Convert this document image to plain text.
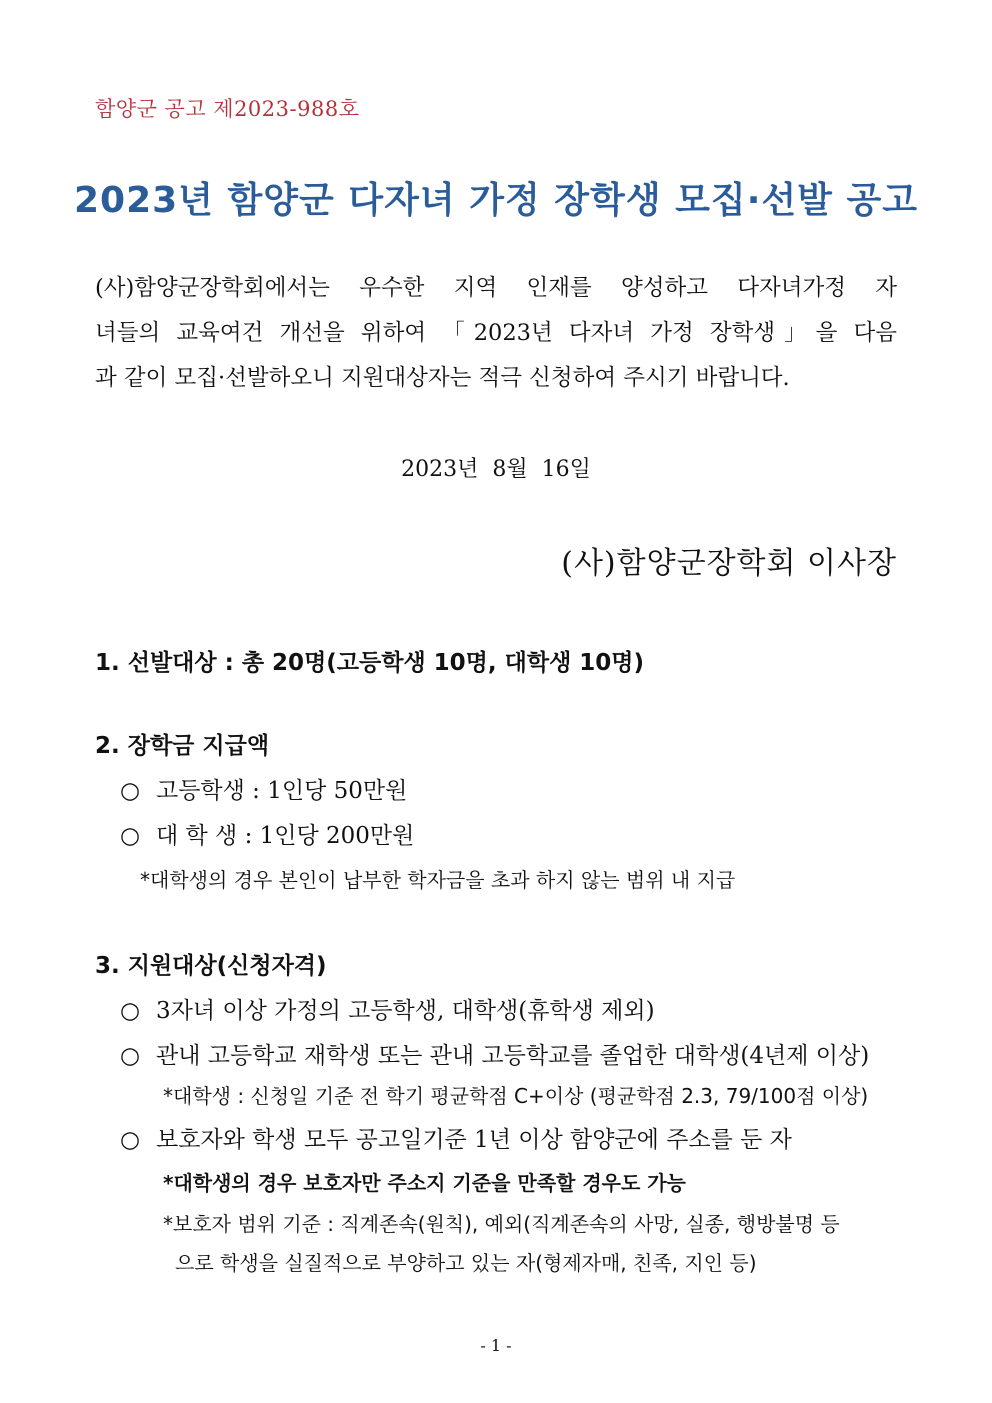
함양군 공고 제2023-988호
2023년 함양군 다자녀 가정 장학생 모집·선발 공고
(사)함양군장학회에서는 우수한 지역 인재를 양성하고 다자녀가정 자
녀들의 교육여건 개선을 위하여 「2023년 다자녀 가정 장학생」을 다음
과 같이 모집·선발하오니 지원대상자는 적극 신청하여 주시기 바랍니다.
2023년  8월  16일
(사)함양군장학회 이사장
1. 선발대상 : 총 20명(고등학생 10명, 대학생 10명)
2. 장학금 지급액
○ 고등학생 : 1인당 50만원
○ 대 학 생 : 1인당 200만원
*대학생의 경우 본인이 납부한 학자금을 초과 하지 않는 범위 내 지급
3. 지원대상(신청자격)
○ 3자녀 이상 가정의 고등학생, 대학생(휴학생 제외)
○ 관내 고등학교 재학생 또는 관내 고등학교를 졸업한 대학생(4년제 이상)
*대학생 : 신청일 기준 전 학기 평균학점 C+이상 (평균학점 2.3, 79/100점 이상)
○ 보호자와 학생 모두 공고일기준 1년 이상 함양군에 주소를 둔 자
*대학생의 경우 보호자만 주소지 기준을 만족할 경우도 가능
*보호자 범위 기준 : 직계존속(원칙), 예외(직계존속의 사망, 실종, 행방불명 등
으로 학생을 실질적으로 부양하고 있는 자(형제자매, 친족, 지인 등)
- 1 -
